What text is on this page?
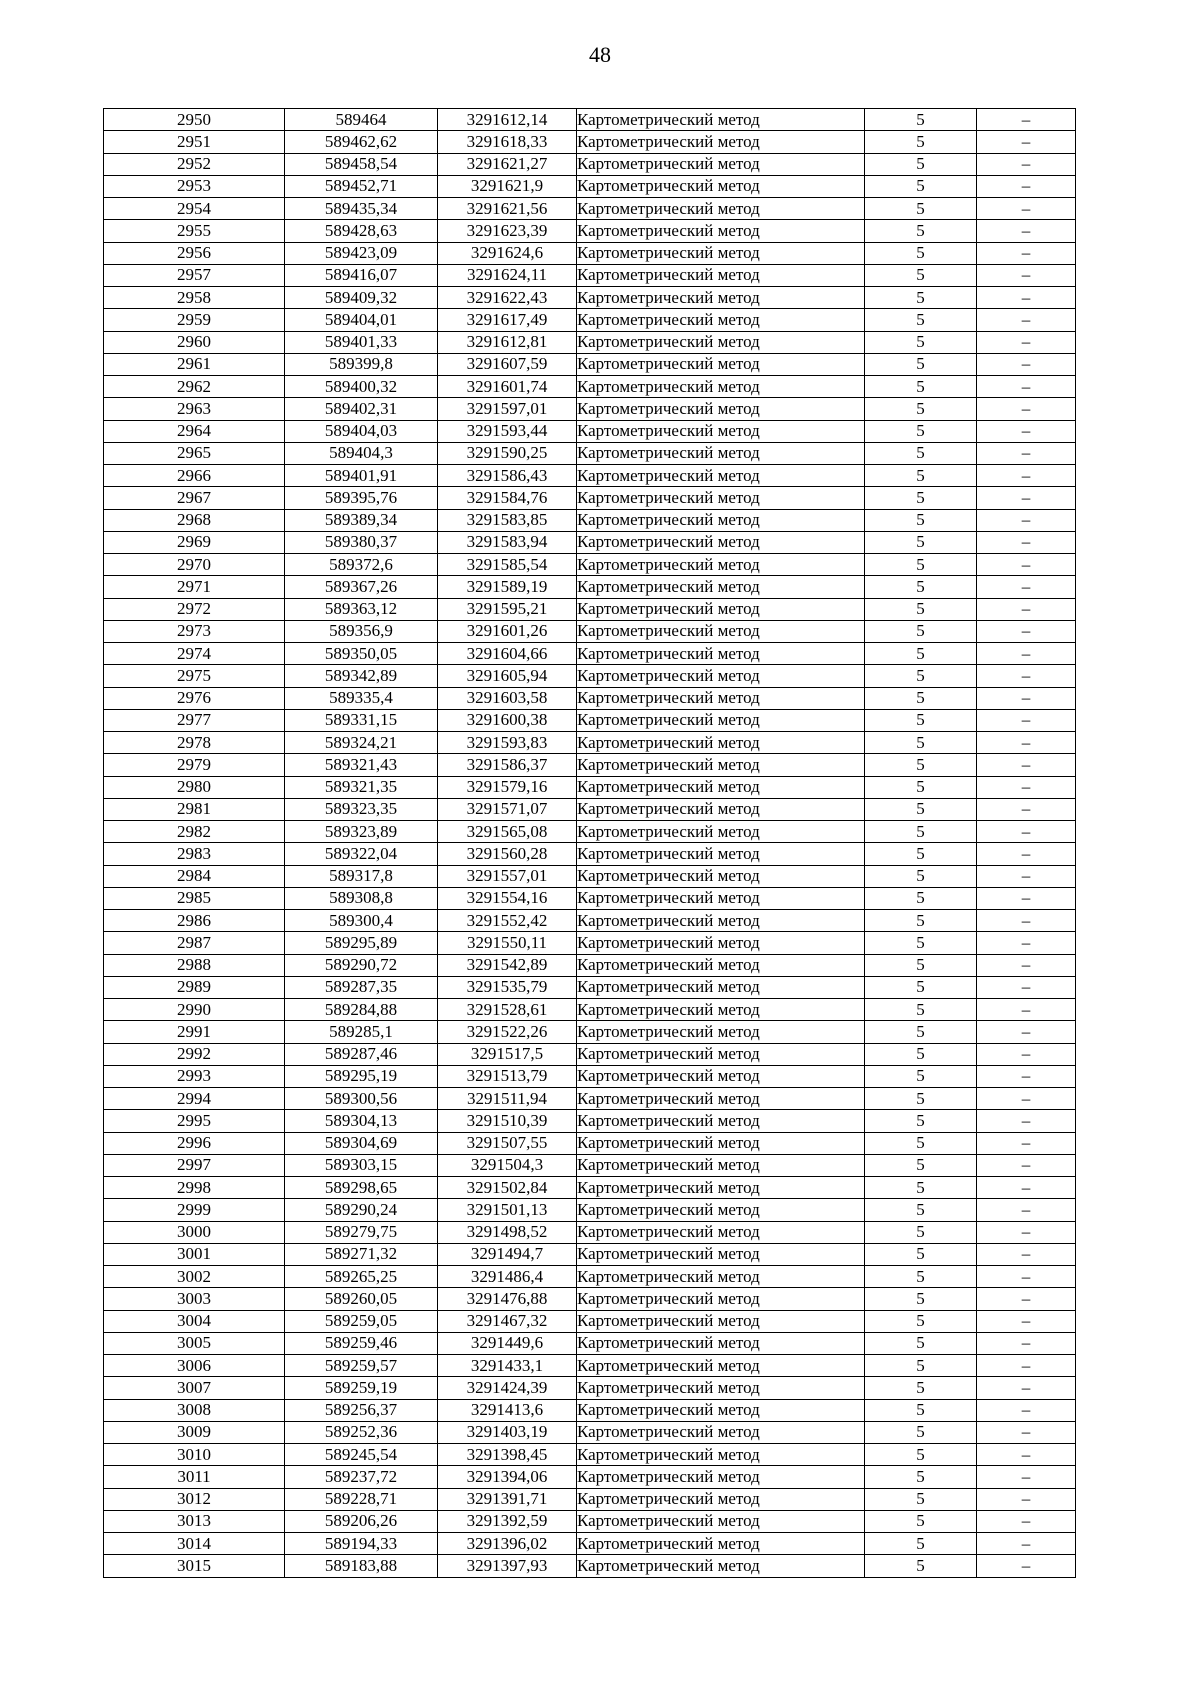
48
2950	589464	3291612,14	Картометрический метод	5	–
2951	589462,62	3291618,33	Картометрический метод	5	–
2952	589458,54	3291621,27	Картометрический метод	5	–
2953	589452,71	3291621,9	Картометрический метод	5	–
2954	589435,34	3291621,56	Картометрический метод	5	–
2955	589428,63	3291623,39	Картометрический метод	5	–
2956	589423,09	3291624,6	Картометрический метод	5	–
2957	589416,07	3291624,11	Картометрический метод	5	–
2958	589409,32	3291622,43	Картометрический метод	5	–
2959	589404,01	3291617,49	Картометрический метод	5	–
2960	589401,33	3291612,81	Картометрический метод	5	–
2961	589399,8	3291607,59	Картометрический метод	5	–
2962	589400,32	3291601,74	Картометрический метод	5	–
2963	589402,31	3291597,01	Картометрический метод	5	–
2964	589404,03	3291593,44	Картометрический метод	5	–
2965	589404,3	3291590,25	Картометрический метод	5	–
2966	589401,91	3291586,43	Картометрический метод	5	–
2967	589395,76	3291584,76	Картометрический метод	5	–
2968	589389,34	3291583,85	Картометрический метод	5	–
2969	589380,37	3291583,94	Картометрический метод	5	–
2970	589372,6	3291585,54	Картометрический метод	5	–
2971	589367,26	3291589,19	Картометрический метод	5	–
2972	589363,12	3291595,21	Картометрический метод	5	–
2973	589356,9	3291601,26	Картометрический метод	5	–
2974	589350,05	3291604,66	Картометрический метод	5	–
2975	589342,89	3291605,94	Картометрический метод	5	–
2976	589335,4	3291603,58	Картометрический метод	5	–
2977	589331,15	3291600,38	Картометрический метод	5	–
2978	589324,21	3291593,83	Картометрический метод	5	–
2979	589321,43	3291586,37	Картометрический метод	5	–
2980	589321,35	3291579,16	Картометрический метод	5	–
2981	589323,35	3291571,07	Картометрический метод	5	–
2982	589323,89	3291565,08	Картометрический метод	5	–
2983	589322,04	3291560,28	Картометрический метод	5	–
2984	589317,8	3291557,01	Картометрический метод	5	–
2985	589308,8	3291554,16	Картометрический метод	5	–
2986	589300,4	3291552,42	Картометрический метод	5	–
2987	589295,89	3291550,11	Картометрический метод	5	–
2988	589290,72	3291542,89	Картометрический метод	5	–
2989	589287,35	3291535,79	Картометрический метод	5	–
2990	589284,88	3291528,61	Картометрический метод	5	–
2991	589285,1	3291522,26	Картометрический метод	5	–
2992	589287,46	3291517,5	Картометрический метод	5	–
2993	589295,19	3291513,79	Картометрический метод	5	–
2994	589300,56	3291511,94	Картометрический метод	5	–
2995	589304,13	3291510,39	Картометрический метод	5	–
2996	589304,69	3291507,55	Картометрический метод	5	–
2997	589303,15	3291504,3	Картометрический метод	5	–
2998	589298,65	3291502,84	Картометрический метод	5	–
2999	589290,24	3291501,13	Картометрический метод	5	–
3000	589279,75	3291498,52	Картометрический метод	5	–
3001	589271,32	3291494,7	Картометрический метод	5	–
3002	589265,25	3291486,4	Картометрический метод	5	–
3003	589260,05	3291476,88	Картометрический метод	5	–
3004	589259,05	3291467,32	Картометрический метод	5	–
3005	589259,46	3291449,6	Картометрический метод	5	–
3006	589259,57	3291433,1	Картометрический метод	5	–
3007	589259,19	3291424,39	Картометрический метод	5	–
3008	589256,37	3291413,6	Картометрический метод	5	–
3009	589252,36	3291403,19	Картометрический метод	5	–
3010	589245,54	3291398,45	Картометрический метод	5	–
3011	589237,72	3291394,06	Картометрический метод	5	–
3012	589228,71	3291391,71	Картометрический метод	5	–
3013	589206,26	3291392,59	Картометрический метод	5	–
3014	589194,33	3291396,02	Картометрический метод	5	–
3015	589183,88	3291397,93	Картометрический метод	5	–
